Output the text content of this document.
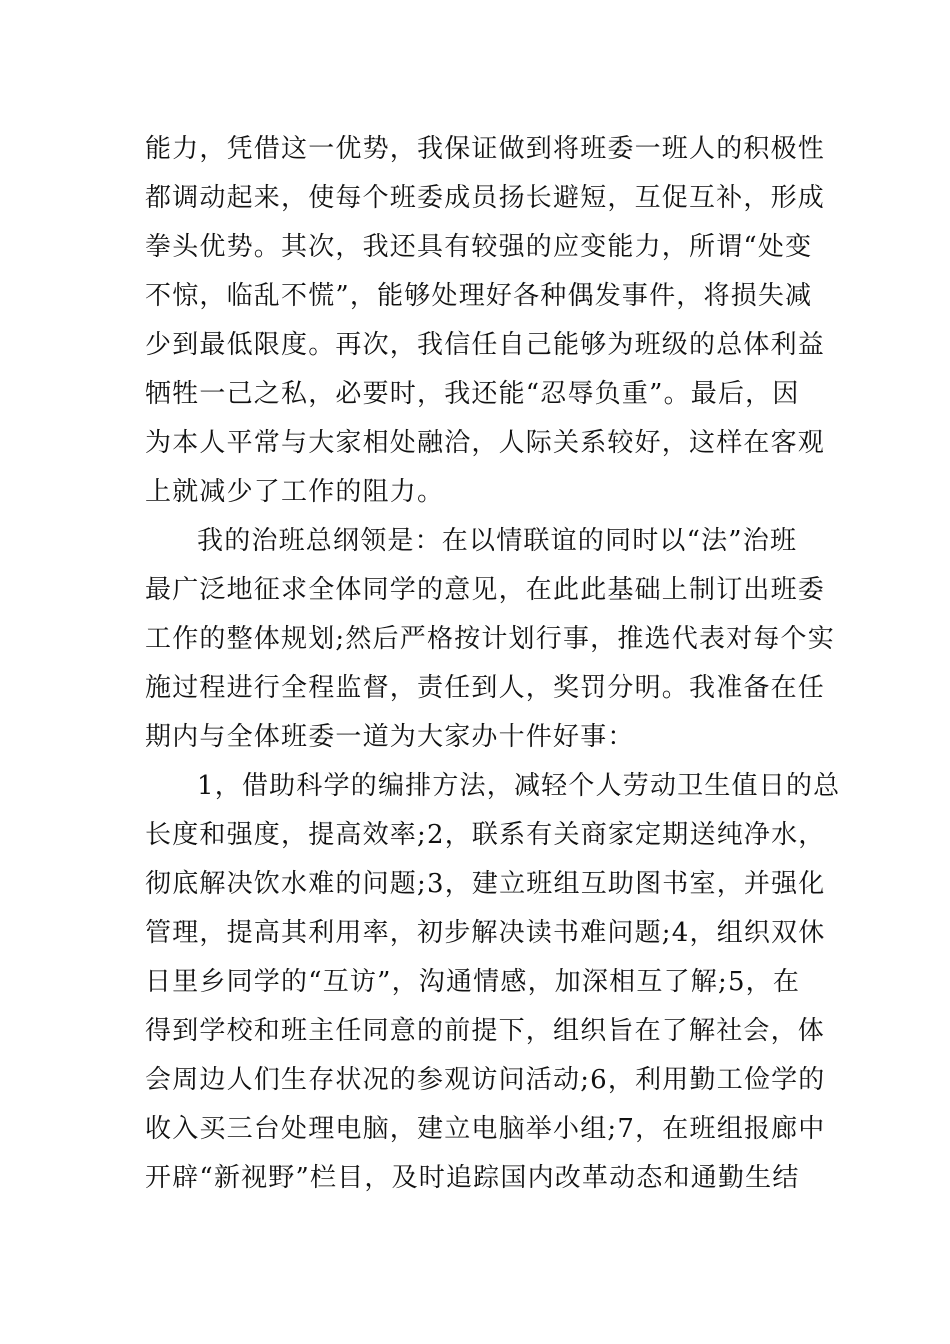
能力，凭借这一优势，我保证做到将班委一班人的积极性
都调动起来，使每个班委成员扬长避短，互促互补，形成
拳头优势。其次，我还具有较强的应变能力，所谓“处变
不惊，临乱不慌”，能够处理好各种偶发事件，将损失减
少到最低限度。再次，我信任自己能够为班级的总体利益
牺牲一己之私，必要时，我还能“忍辱负重”。最后，因
为本人平常与大家相处融洽，人际关系较好，这样在客观
上就减少了工作的阻力。
我的治班总纲领是：在以情联谊的同时以“法”治班
最广泛地征求全体同学的意见，在此此基础上制订出班委
工作的整体规划;然后严格按计划行事，推选代表对每个实
施过程进行全程监督，责任到人，奖罚分明。我准备在任
期内与全体班委一道为大家办十件好事：
1，借助科学的编排方法，减轻个人劳动卫生值日的总
长度和强度，提高效率;2，联系有关商家定期送纯净水，
彻底解决饮水难的问题;3，建立班组互助图书室，并强化
管理，提高其利用率，初步解决读书难问题;4，组织双休
日里乡同学的“互访”，沟通情感，加深相互了解;5，在
得到学校和班主任同意的前提下，组织旨在了解社会，体
会周边人们生存状况的参观访问活动;6，利用勤工俭学的
收入买三台处理电脑，建立电脑举小组;7，在班组报廊中
开辟“新视野”栏目，及时追踪国内改革动态和通勤生结
